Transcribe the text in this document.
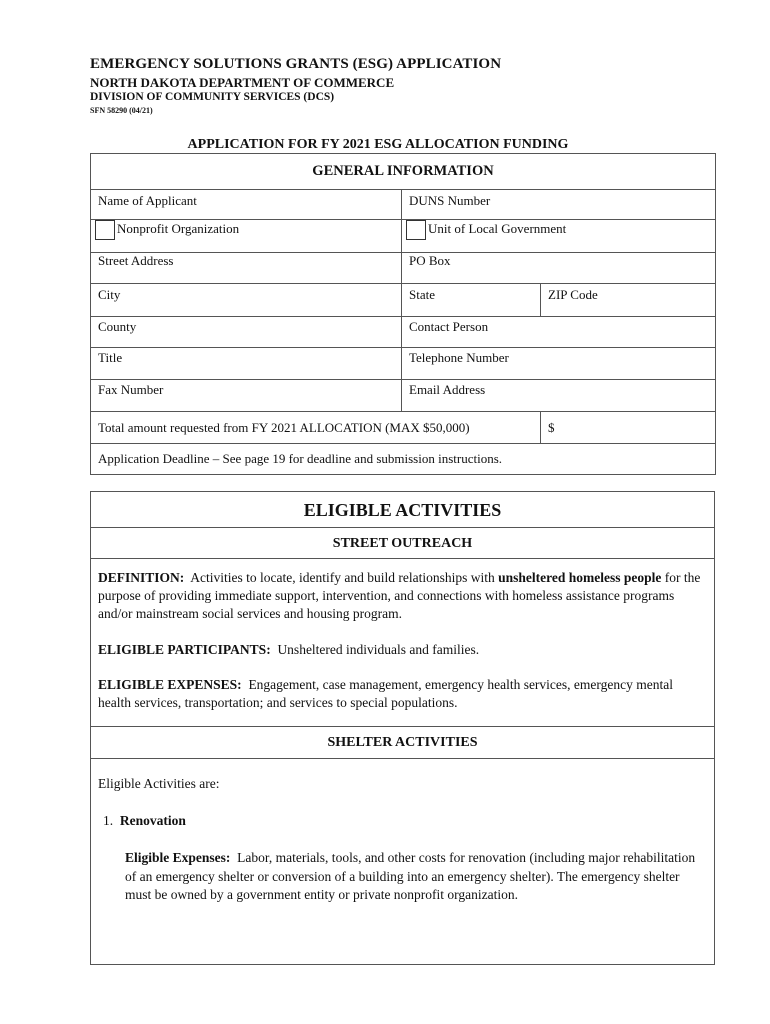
EMERGENCY SOLUTIONS GRANTS (ESG) APPLICATION
NORTH DAKOTA DEPARTMENT OF COMMERCE
DIVISION OF COMMUNITY SERVICES (DCS)
SFN 58290 (04/21)
APPLICATION FOR FY 2021 ESG ALLOCATION FUNDING
GENERAL INFORMATION		
Name of Applicant	DUNS Number	
Nonprofit Organization	Unit of Local Government	
Street Address	PO Box	
City	State	ZIP Code
County	Contact Person	
Title	Telephone Number	
Fax Number	Email Address	
Total amount requested from FY 2021 ALLOCATION (MAX $50,000)		$
Application Deadline – See page 19 for deadline and submission instructions.		
ELIGIBLE ACTIVITIES
STREET OUTREACH

DEFINITION: Activities to locate, identify and build relationships with unsheltered homeless people for the purpose of providing immediate support, intervention, and connections with homeless assistance programs and/or mainstream social services and housing program.

ELIGIBLE PARTICIPANTS: Unsheltered individuals and families.

ELIGIBLE EXPENSES: Engagement, case management, emergency health services, emergency mental health services, transportation; and services to special populations.

SHELTER ACTIVITIES

Eligible Activities are:

1. Renovation

Eligible Expenses: Labor, materials, tools, and other costs for renovation (including major rehabilitation of an emergency shelter or conversion of a building into an emergency shelter). The emergency shelter must be owned by a government entity or private nonprofit organization.
